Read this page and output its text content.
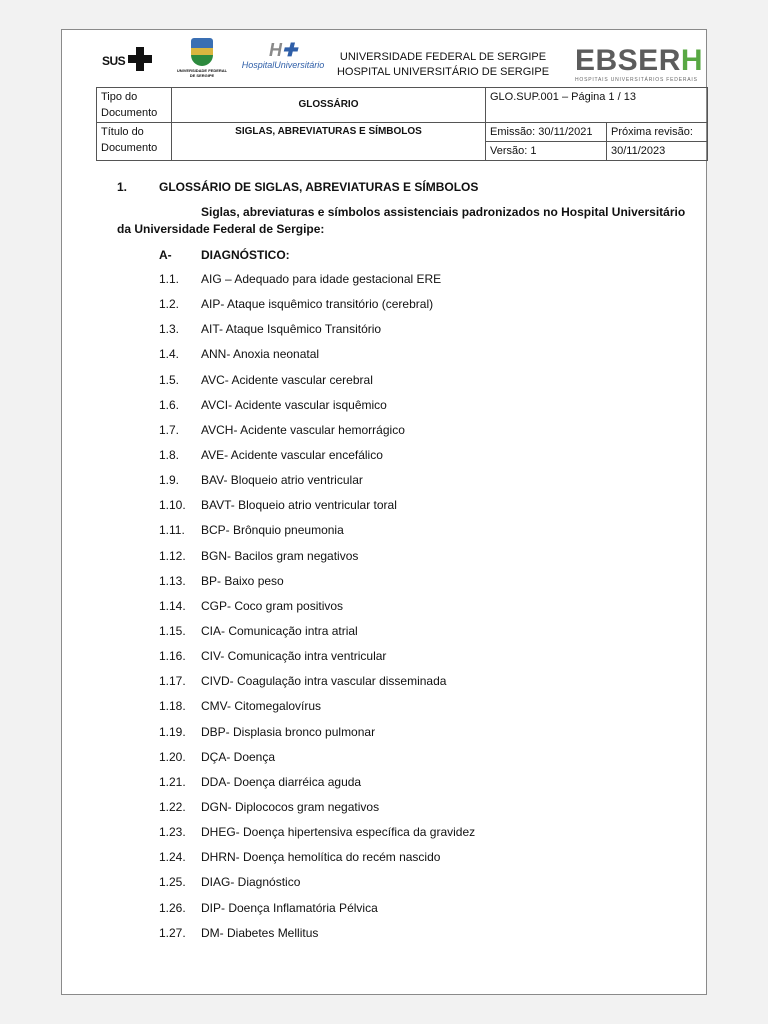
SUS
UNIVERSIDADE FEDERAL DE SERGIPE
H✚
HospitalUniversitário
UNIVERSIDADE FEDERAL DE SERGIPE
HOSPITAL UNIVERSITÁRIO DE SERGIPE EBSERH
HOSPITAIS UNIVERSITÁRIOS FEDERAIS
Tipo do Documento	GLOSSÁRIO	GLO.SUP.001 – Página 1 / 13	
Título do Documento	SIGLAS, ABREVIATURAS E SÍMBOLOS	Emissão: 30/11/2021	Próxima revisão:
		Versão: 1	30/11/2023
1.	GLOSSÁRIO DE SIGLAS, ABREVIATURAS E SÍMBOLOS
Siglas, abreviaturas e símbolos assistenciais padronizados no Hospital Universitário da Universidade Federal de Sergipe:
A- DIAGNÓSTICO:
1.1. AIG – Adequado para idade gestacional ERE
1.2. AIP- Ataque isquêmico transitório (cerebral)
1.3. AIT- Ataque Isquêmico Transitório
1.4. ANN- Anoxia neonatal
1.5. AVC- Acidente vascular cerebral
1.6. AVCI- Acidente vascular isquêmico
1.7. AVCH- Acidente vascular hemorrágico
1.8. AVE- Acidente vascular encefálico
1.9. BAV- Bloqueio atrio ventricular
1.10. BAVT- Bloqueio atrio ventricular toral
1.11. BCP- Brônquio pneumonia
1.12. BGN- Bacilos gram negativos
1.13. BP- Baixo peso
1.14. CGP- Coco gram positivos
1.15. CIA- Comunicação intra atrial
1.16. CIV- Comunicação intra ventricular
1.17. CIVD- Coagulação intra vascular disseminada
1.18. CMV- Citomegalovírus
1.19. DBP- Displasia bronco pulmonar
1.20. DÇA- Doença
1.21. DDA- Doença diarréica aguda
1.22. DGN- Diplococos gram negativos
1.23. DHEG- Doença hipertensiva específica da gravidez
1.24. DHRN- Doença hemolítica do recém nascido
1.25. DIAG- Diagnóstico
1.26. DIP- Doença Inflamatória Pélvica
1.27. DM- Diabetes Mellitus
